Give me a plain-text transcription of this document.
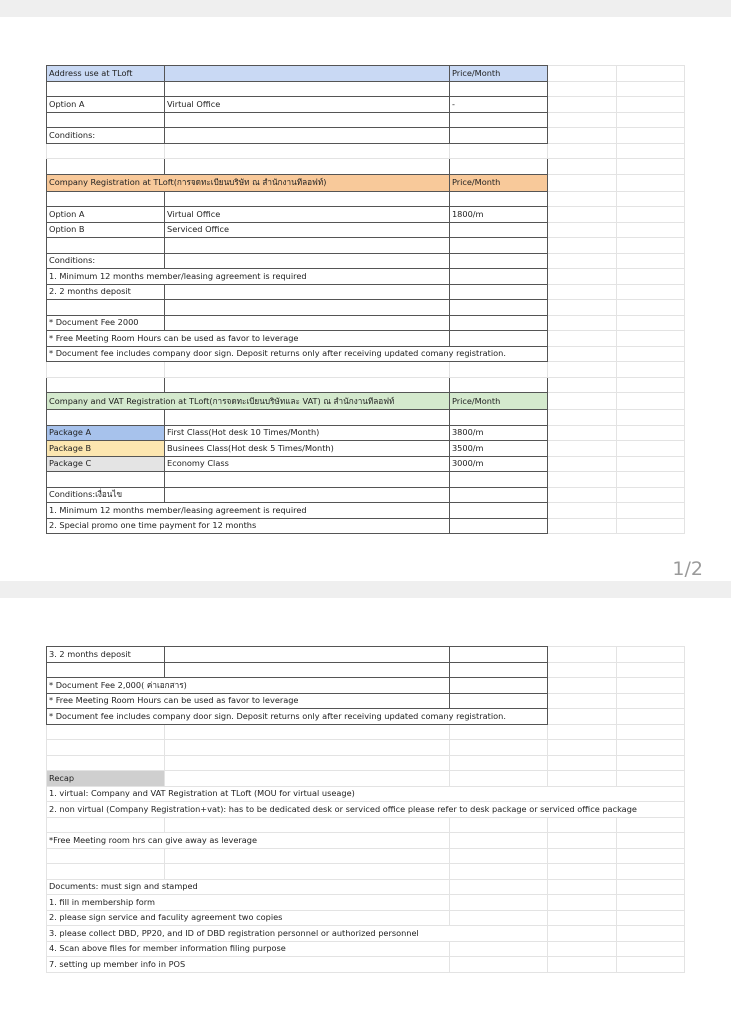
Address use at TLoft		Price/Month		

Option A	Virtual Office	-		

Conditions:				

Company Registration at TLoft(การจดทะเบียนบริษัท ณ สำนักงานทีลอฟท์)		Price/Month		

Option A	Virtual Office	1800/m		
Option B	Serviced Office			

Conditions:				
1. Minimum 12 months member/leasing agreement is required				
2. 2 months deposit				

* Document Fee 2000				
* Free Meeting Room Hours can be used as favor to leverage				
* Document fee includes company door sign. Deposit returns only after receiving updated comany registration.				

Company and VAT Registration at TLoft(การจดทะเบียนบริษัทและ VAT) ณ สำนักงานทีลอฟท์		Price/Month		

Package A	First Class(Hot desk 10 Times/Month)	3800/m		
Package B	Businees Class(Hot desk 5 Times/Month)	3500/m		
Package C	Economy Class	3000/m		

Conditions:เงื่อนไข				
1. Minimum 12 months member/leasing agreement is required				
2. Special promo one time payment for 12 months				
1/2
3. 2 months deposit				

* Document Fee 2,000( ค่าเอกสาร)				
* Free Meeting Room Hours can be used as favor to leverage				
* Document fee includes company door sign. Deposit returns only after receiving updated comany registration.				

Recap				
1. virtual: Company and VAT Registration at TLoft (MOU for virtual useage)				
2. non virtual (Company Registration+vat): has to be dedicated desk or serviced office please refer to desk package or serviced office package				

*Free Meeting room hrs can give away as leverage				

Documents: must sign and stamped				
1. fill in membership form				
2. please sign service and faculity agreement two copies				
3. please collect DBD, PP20, and ID of DBD registration personnel or authorized personnel				
4. Scan above files for member information filing purpose				
7. setting up member info in POS				
